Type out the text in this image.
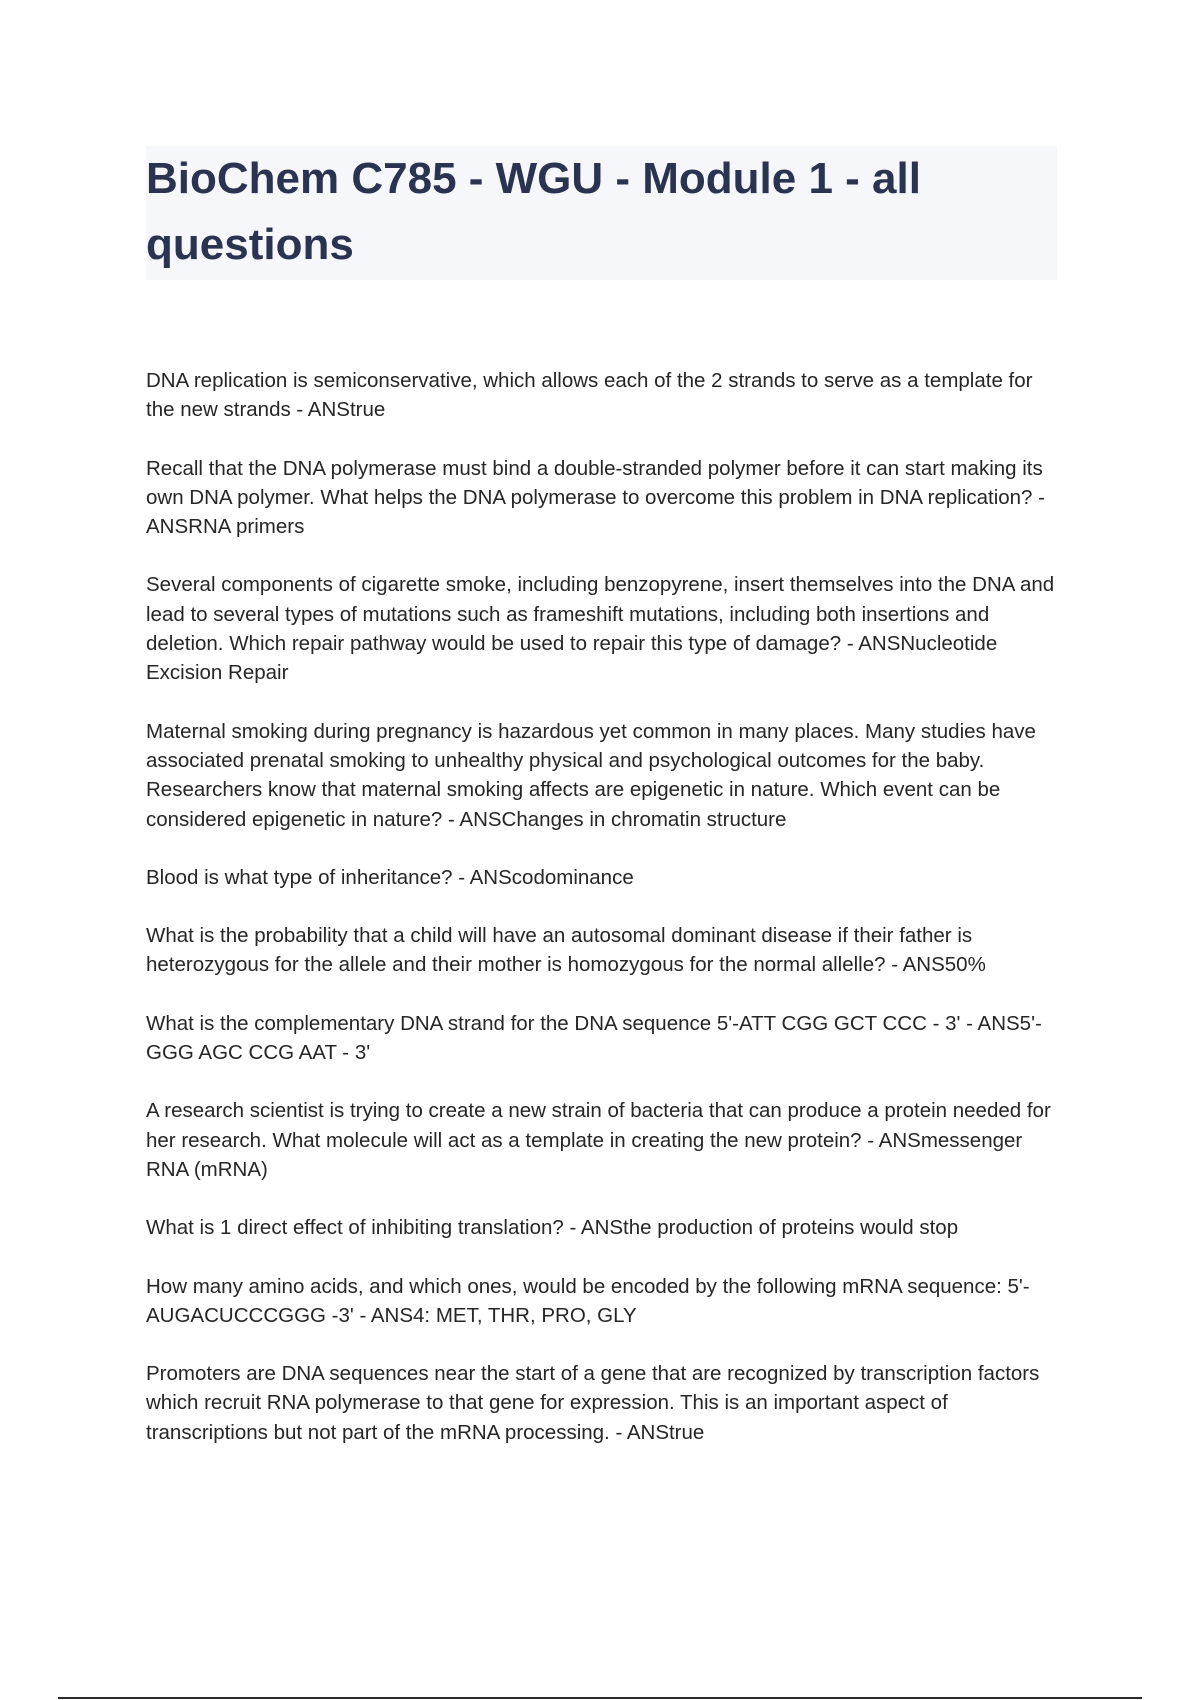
BioChem C785 - WGU - Module 1 - all questions

DNA replication is semiconservative, which allows each of the 2 strands to serve as a template for the new strands - ANStrue

Recall that the DNA polymerase must bind a double-stranded polymer before it can start making its own DNA polymer. What helps the DNA polymerase to overcome this problem in DNA replication? - ANSRNA primers

Several components of cigarette smoke, including benzopyrene, insert themselves into the DNA and lead to several types of mutations such as frameshift mutations, including both insertions and deletion. Which repair pathway would be used to repair this type of damage? - ANSNucleotide Excision Repair

Maternal smoking during pregnancy is hazardous yet common in many places. Many studies have associated prenatal smoking to unhealthy physical and psychological outcomes for the baby. Researchers know that maternal smoking affects are epigenetic in nature. Which event can be considered epigenetic in nature? - ANSChanges in chromatin structure

Blood is what type of inheritance? - ANScodominance

What is the probability that a child will have an autosomal dominant disease if their father is heterozygous for the allele and their mother is homozygous for the normal allelle? - ANS50%

What is the complementary DNA strand for the DNA sequence 5'-ATT CGG GCT CCC - 3' - ANS5'- GGG AGC CCG AAT - 3'

A research scientist is trying to create a new strain of bacteria that can produce a protein needed for her research. What molecule will act as a template in creating the new protein? - ANSmessenger RNA (mRNA)

What is 1 direct effect of inhibiting translation? - ANSthe production of proteins would stop

How many amino acids, and which ones, would be encoded by the following mRNA sequence: 5'- AUGACUCCCGGG -3' - ANS4: MET, THR, PRO, GLY

Promoters are DNA sequences near the start of a gene that are recognized by transcription factors which recruit RNA polymerase to that gene for expression. This is an important aspect of transcriptions but not part of the mRNA processing. - ANStrue
